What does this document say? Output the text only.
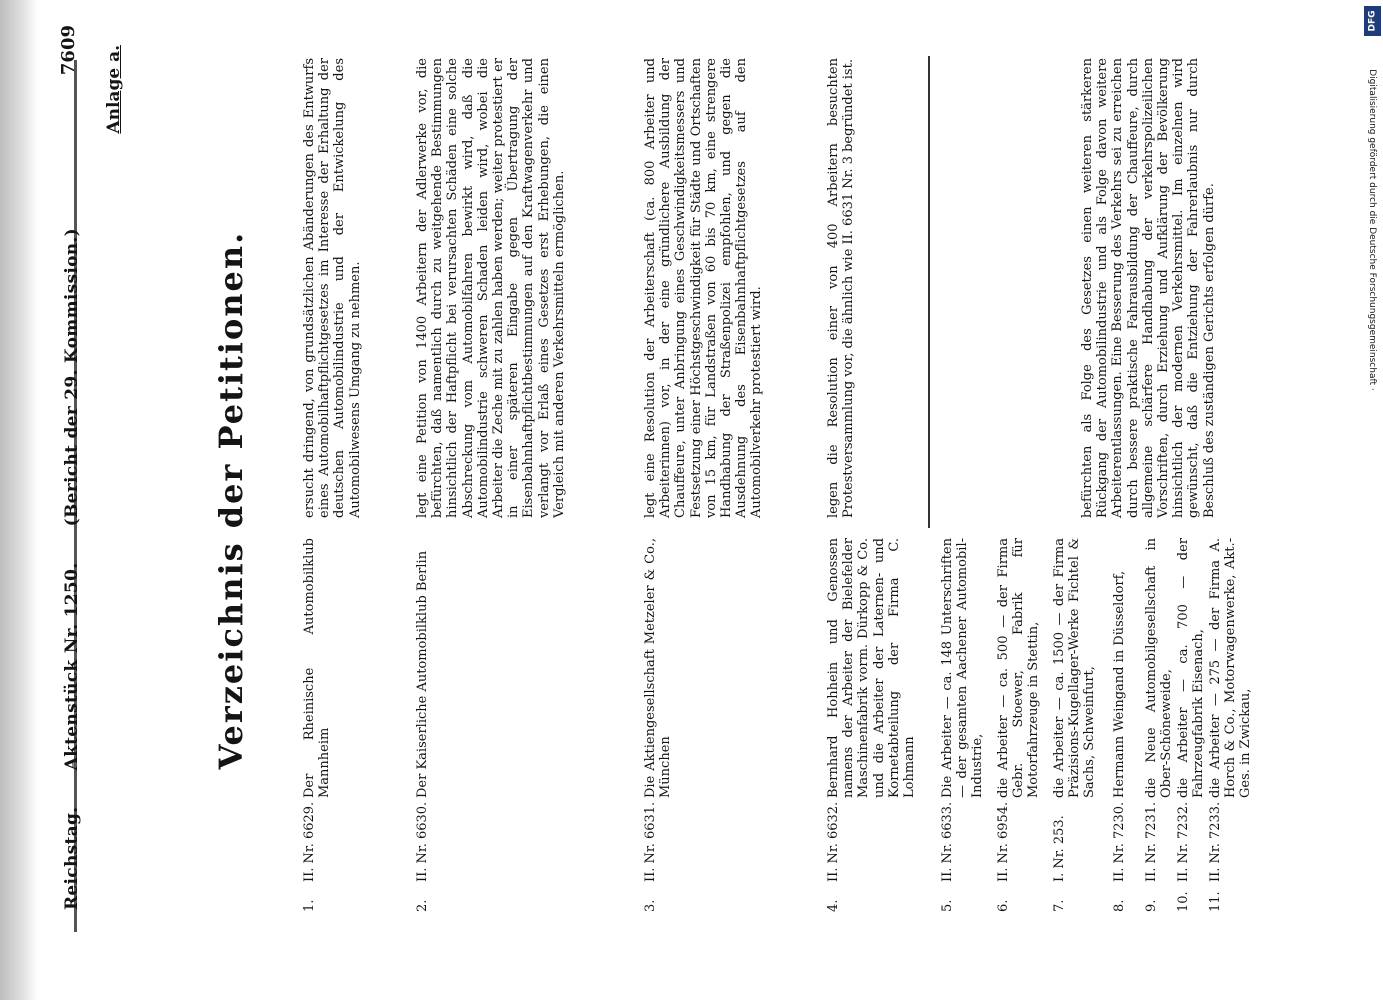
Reichstag. Aktenstück Nr. 1250. (Bericht der 29. Kommission.)
7609 Anlage a.
Verzeichnis der Petitionen.
1.
II. Nr. 6629.
Der Rheinische Automobilklub Mannheim
ersucht dringend, von grundsätzlichen Abänderungen des Entwurfs eines Automobilhaftpflichtgesetzes im Interesse der Erhaltung der deutschen Automobilindustrie und der Entwickelung des Automobilwesens Umgang zu nehmen.
2.
II. Nr. 6630.
Der Kaiserliche Automobilklub Berlin
legt eine Petition von 1400 Arbeitern der Adlerwerke vor, die befürchten, daß namentlich durch zu weitgehende Bestimmungen hinsichtlich der Haftpflicht bei verursachten Schäden eine solche Abschreckung vom Automobilfahren bewirkt wird, daß die Automobilindustrie schweren Schaden leiden wird, wobei die Arbeiter die Zeche mit zu zahlen haben werden; weiter protestiert er in einer späteren Eingabe gegen Übertragung der Eisenbahnhaftpflichtbestimmungen auf den Kraftwagenverkehr und verlangt vor Erlaß eines Gesetzes erst Erhebungen, die einen Vergleich mit anderen Verkehrsmitteln ermöglichen.
3.
II. Nr. 6631.
Die Aktiengesellschaft Metzeler & Co., München
legt eine Resolution der Arbeiterschaft (ca. 800 Arbeiter und Arbeiterinnen) vor, in der eine gründlichere Ausbildung der Chauffeure, unter Anbringung eines Geschwindigkeitsmessers und Festsetzung einer Höchstgeschwindigkeit für Städte und Ortschaften von 15 km, für Landstraßen von 60 bis 70 km, eine strengere Handhabung der Straßenpolizei empfohlen, und gegen die Ausdehnung des Eisenbahnhaftpflichtgesetzes auf den Automobilverkehr protestiert wird.
4.
II. Nr. 6632.
Bernhard Hohhein und Genossen namens der Arbeiter der Bielefelder Maschinenfabrik vorm. Dürkopp & Co. und die Arbeiter der Laternen- und Kornetabteilung der Firma C. Lohmann
legen die Resolution einer von 400 Arbeitern besuchten Protestversammlung vor, die ähnlich wie II. 6631 Nr. 3 begründet ist.
5.
II. Nr. 6633.
Die Arbeiter — ca. 148 Unterschriften — der gesamten Aachener Automobil-Industrie,
6.
II. Nr. 6954.
die Arbeiter — ca. 500 — der Firma Gebr. Stoewer, Fabrik für Motorfahrzeuge in Stettin,
7.
I. Nr. 253.
die Arbeiter — ca. 1500 — der Firma Präzisions-Kugellager-Werke Fichtel & Sachs, Schweinfurt,
8.
II. Nr. 7230.
Hermann Weingand in Düsseldorf,
9.
II. Nr. 7231.
die Neue Automobilgesellschaft in Ober-Schöneweide,
10.
II. Nr. 7232.
die Arbeiter — ca. 700 — der Fahrzeugfabrik Eisenach,
11.
II. Nr. 7233.
die Arbeiter — 275 — der Firma A. Horch & Co., Motorwagenwerke, Akt.-Ges. in Zwickau,
befürchten als Folge des Gesetzes einen weiteren stärkeren Rückgang der Automobilindustrie und als Folge davon weitere Arbeiterentlassungen. Eine Besserung des Verkehrs sei zu erreichen durch bessere praktische Fahrausbildung der Chauffeure, durch allgemeine schärfere Handhabung der verkehrspolizeilichen Vorschriften, durch Erziehung und Aufklärung der Bevölkerung hinsichtlich der modernen Verkehrsmittel. Im einzelnen wird gewünscht, daß die Entziehung der Fahrerlaubnis nur durch Beschluß des zuständigen Gerichts erfolgen dürfe.
DFG
Digitalisierung gefördert durch die Deutsche Forschungsgemeinschaft ·
